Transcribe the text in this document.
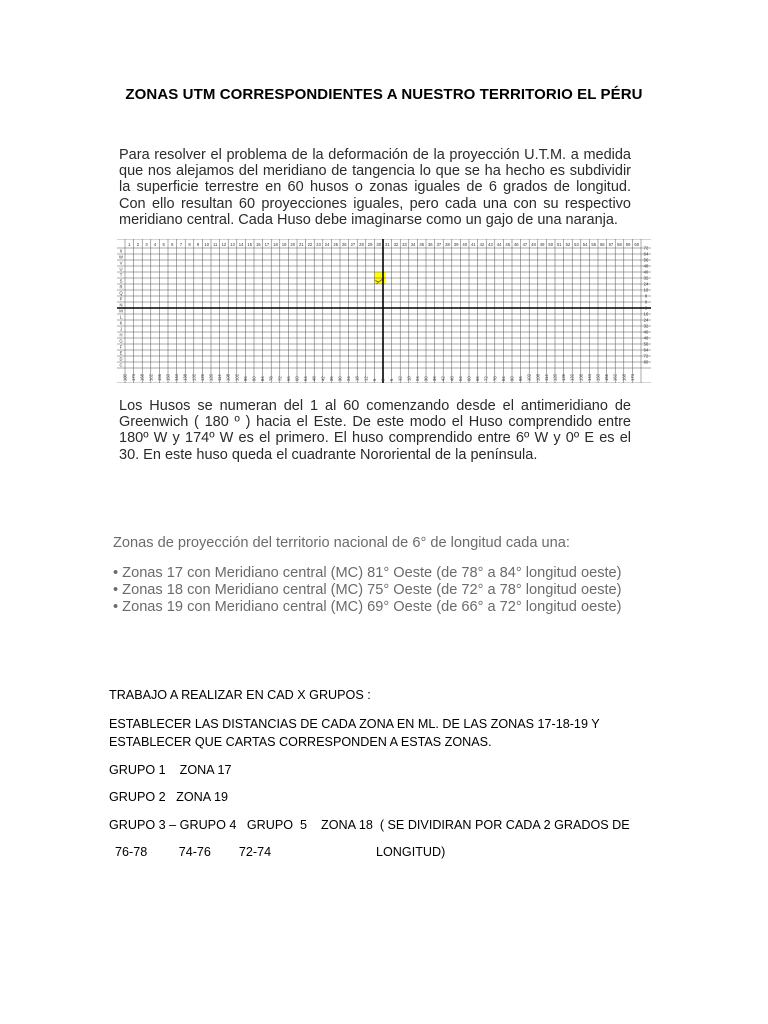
ZONAS UTM CORRESPONDIENTES A NUESTRO TERRITORIO EL PÉRU

Para resolver el problema de la deformación de la proyección U.T.M. a medida que nos alejamos del meridiano de tangencia lo que se ha hecho es subdividir la superficie terrestre en 60 husos o zonas iguales de 6 grados de longitud. Con ello resultan 60 proyecciones iguales, pero cada una con su respectivo meridiano central. Cada Huso debe imaginarse como un gajo de una naranja.

1 2 3 4 5 6 7 8 9 10 11 12 13 14 15 16 17 18 19 20 21 22 23 24 25 26 27 28 29 30 31 32 33 34 35 36 37 38 39 40 41 42 43 44 45 46 47 48 49 50 51 52 53 54 55 56 57 58 59 60
X
W
V
U
T
S
R
Q
P
N
M
L
K
J
H
G
F
E
D
C
72
64
56
48
40
32
24
16
8
0
8
16
24
32
40
48
56
64
72
80
180 174 168 162 156 150 144 138 132 126 120 114 108 102 96 90 84 78 72 66 60 54 48 42 36 30 24 18 12 6 0 6 12 18 24 30 36 42 48 54 60 66 72 78 84 90 96 102 108 114 120 126 132 138 144 150 156 162 168 174

Los Husos se numeran del 1 al 60 comenzando desde el antimeridiano de Greenwich ( 180 º ) hacia el Este. De este modo el Huso comprendido entre 180º W y 174º W es el primero. El huso comprendido entre 6º W y 0º E es el 30. En este huso queda el cuadrante Nororiental de la península.

Zonas de proyección del territorio nacional de 6° de longitud cada una:

• Zonas 17 con Meridiano central (MC) 81° Oeste (de 78° a 84° longitud oeste)

• Zonas 18 con Meridiano central (MC) 75° Oeste (de 72° a 78° longitud oeste)

• Zonas 19 con Meridiano central (MC) 69° Oeste (de 66° a 72° longitud oeste)

TRABAJO A REALIZAR EN CAD X GRUPOS :
ESTABLECER LAS DISTANCIAS DE CADA ZONA EN ML. DE LAS ZONAS 17-18-19 Y ESTABLECER QUE CARTAS CORRESPONDEN A ESTAS ZONAS.
GRUPO 1    ZONA 17
GRUPO 2   ZONA 19
GRUPO 3 – GRUPO 4   GRUPO  5    ZONA 18  ( SE DIVIDIRAN POR CADA 2 GRADOS DE
76-78         74-76        72-74	LONGITUD)
